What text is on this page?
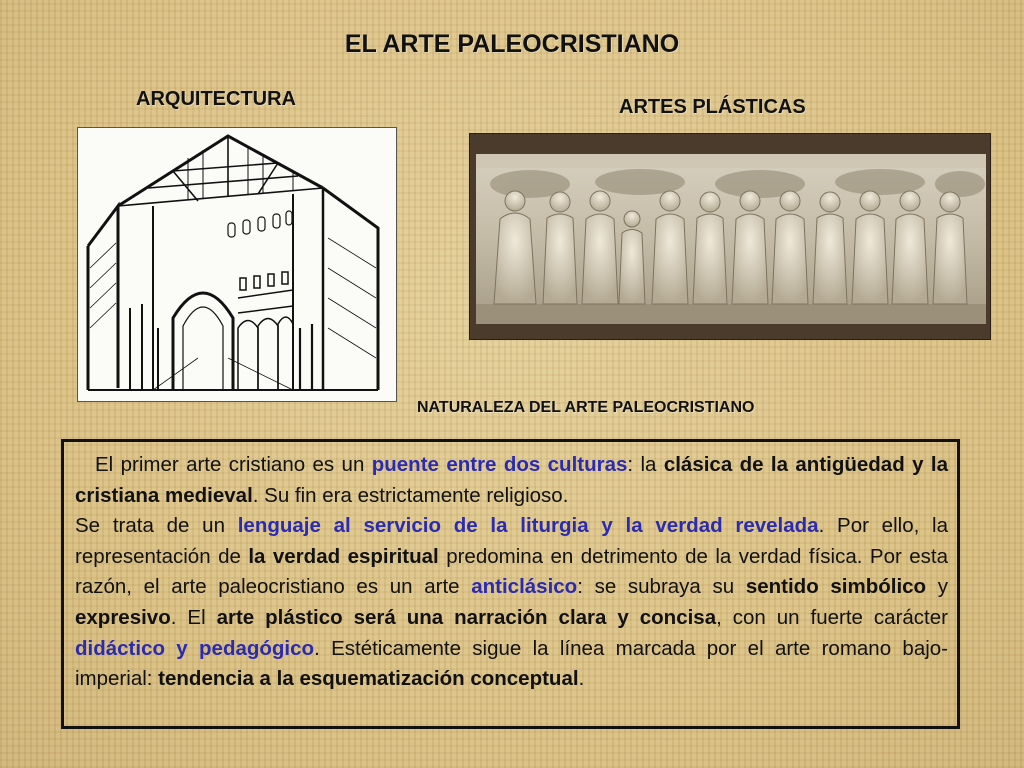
EL ARTE PALEOCRISTIANO
ARQUITECTURA	ARTES PLÁSTICAS
NATURALEZA DEL ARTE PALEOCRISTIANO

El primer arte cristiano es un puente entre dos culturas: la clásica de la antigüedad y la cristiana medieval. Su fin era estrictamente religioso.

Se trata de un lenguaje al servicio de la liturgia y la verdad revelada. Por ello, la representación de la verdad espiritual predomina en detrimento de la verdad física. Por esta razón, el arte paleocristiano es un arte anticlásico: se subraya su sentido simbólico y expresivo. El arte plástico será una narración clara y concisa, con un fuerte carácter didáctico y pedagógico. Estéticamente sigue la línea marcada por el arte romano bajo-imperial: tendencia a la esquematización conceptual.
